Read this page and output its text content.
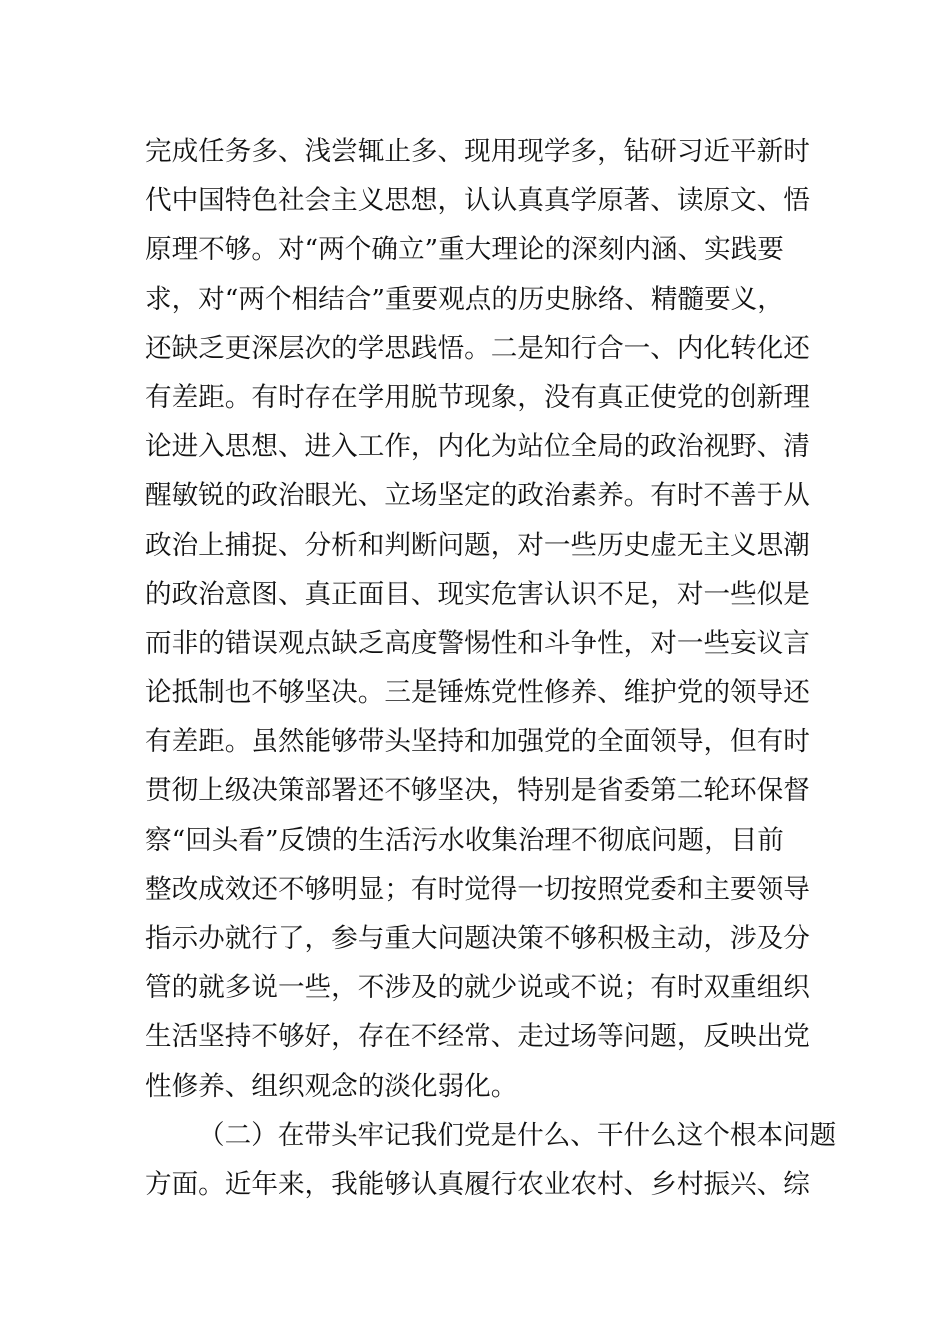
完成任务多、浅尝辄止多、现用现学多，钻研习近平新时
代中国特色社会主义思想，认认真真学原著、读原文、悟
原理不够。对“两个确立”重大理论的深刻内涵、实践要
求，对“两个相结合”重要观点的历史脉络、精髓要义，
还缺乏更深层次的学思践悟。二是知行合一、内化转化还
有差距。有时存在学用脱节现象，没有真正使党的创新理
论进入思想、进入工作，内化为站位全局的政治视野、清
醒敏锐的政治眼光、立场坚定的政治素养。有时不善于从
政治上捕捉、分析和判断问题，对一些历史虚无主义思潮
的政治意图、真正面目、现实危害认识不足，对一些似是
而非的错误观点缺乏高度警惕性和斗争性，对一些妄议言
论抵制也不够坚决。三是锤炼党性修养、维护党的领导还
有差距。虽然能够带头坚持和加强党的全面领导，但有时
贯彻上级决策部署还不够坚决，特别是省委第二轮环保督
察“回头看”反馈的生活污水收集治理不彻底问题，目前
整改成效还不够明显；有时觉得一切按照党委和主要领导
指示办就行了，参与重大问题决策不够积极主动，涉及分
管的就多说一些，不涉及的就少说或不说；有时双重组织
生活坚持不够好，存在不经常、走过场等问题，反映出党
性修养、组织观念的淡化弱化。
（二）在带头牢记我们党是什么、干什么这个根本问题
方面。近年来，我能够认真履行农业农村、乡村振兴、综
